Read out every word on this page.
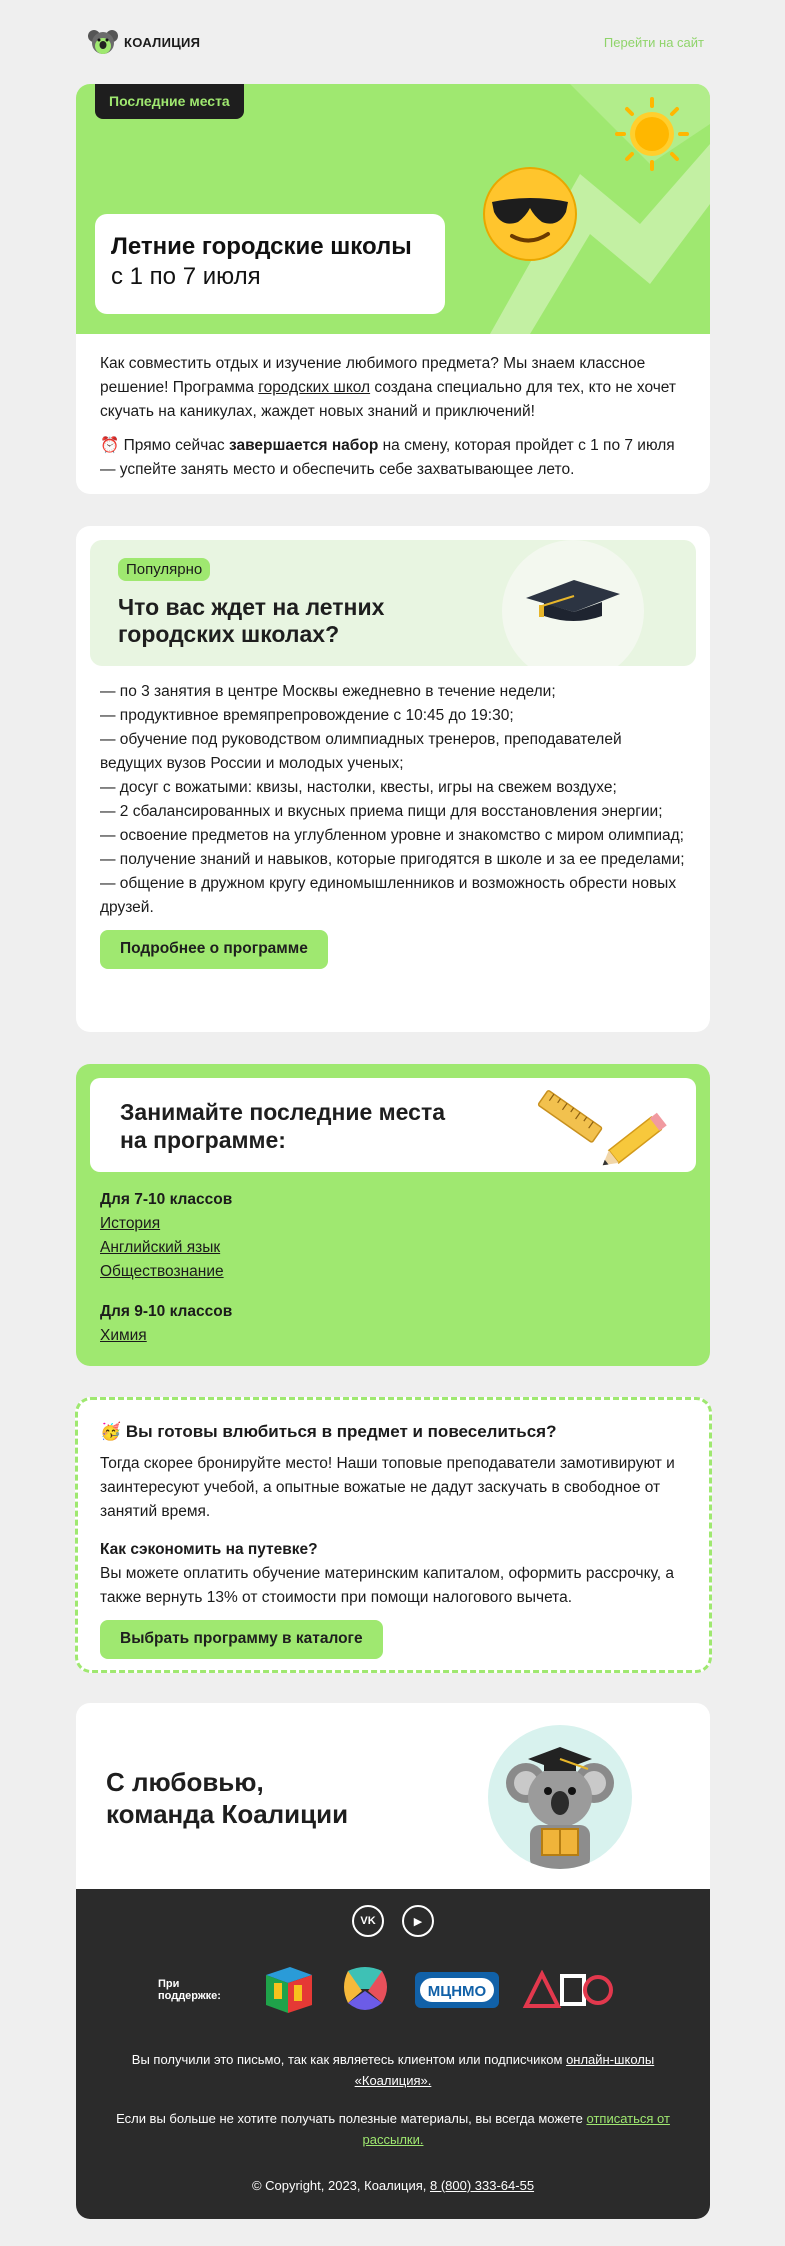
КОАЛИЦИЯ	Перейти на сайт
Последние места
Летние городские школы
с 1 по 7 июля

Как совместить отдых и изучение любимого предмета? Мы знаем классное решение! Программа городских школ создана специально для тех, кто не хочет скучать на каникулах, жаждет новых знаний и приключений!

⏰ Прямо сейчас завершается набор на смену, которая пройдет с 1 по 7 июля — успейте занять место и обеспечить себе захватывающее лето.

Популярно
Что вас ждет на летних
городских школах?
— по 3 занятия в центре Москвы ежедневно в течение недели;
— продуктивное времяпрепровождение с 10:45 до 19:30;
— обучение под руководством олимпиадных тренеров, преподавателей ведущих вузов России и молодых ученых;
— досуг с вожатыми: квизы, настолки, квесты, игры на свежем воздухе;
— 2 сбалансированных и вкусных приема пищи для восстановления энергии;
— освоение предметов на углубленном уровне и знакомство с миром олимпиад;
— получение знаний и навыков, которые пригодятся в школе и за ее пределами;
— общение в дружном кругу единомышленников и возможность обрести новых друзей.
Подробнее о программе
Занимайте последние места
на программе:
Для 7-10 классов
История
Английский язык
Обществознание
Для 9-10 классов
Химия
🥳 Вы готовы влюбиться в предмет и повеселиться?
Тогда скорее бронируйте место! Наши топовые преподаватели замотивируют и заинтересуют учебой, а опытные вожатые не дадут заскучать в свободное от занятий время.
Как сэкономить на путевке?
Вы можете оплатить обучение материнским капиталом, оформить рассрочку, а также вернуть 13% от стоимости при помощи налогового вычета.
Выбрать программу в каталоге
С любовью,
команда Коалиции
VK	▶
При поддержке:	МЦНМО
ДПО
Вы получили это письмо, так как являетесь клиентом или подписчиком онлайн-школы «Коалиция».
Если вы больше не хотите получать полезные материалы, вы всегда можете отписаться от рассылки.
© Copyright, 2023, Коалиция, 8 (800) 333-64-55
